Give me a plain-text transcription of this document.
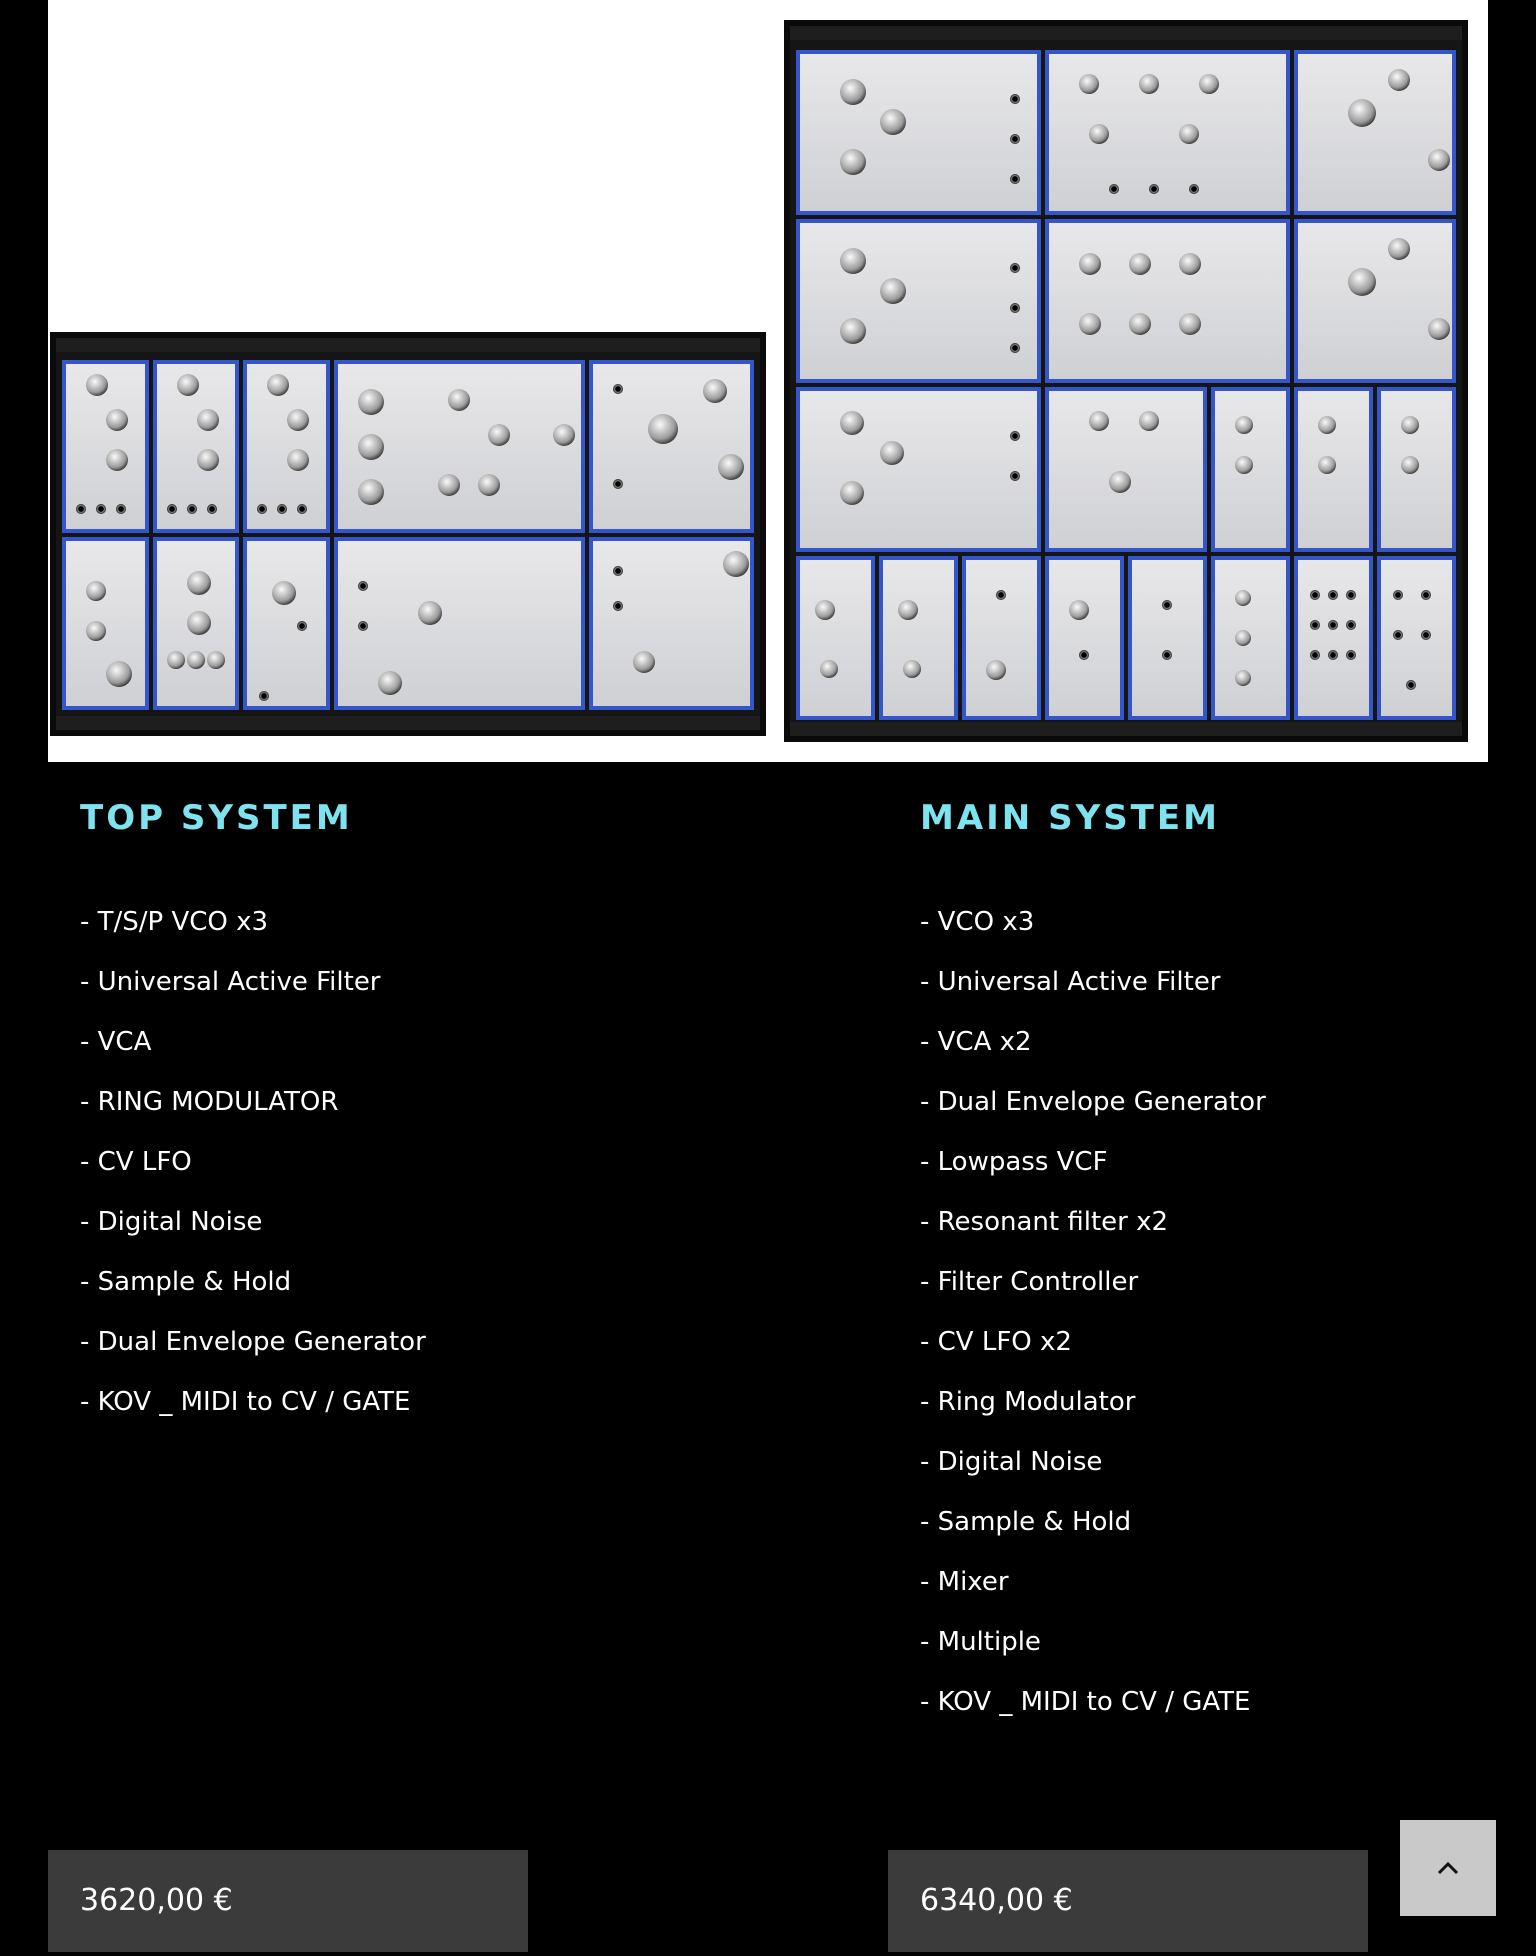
TOP SYSTEM
- T/S/P VCO x3
- Universal Active Filter
- VCA
- RING MODULATOR
- CV LFO
- Digital Noise
- Sample & Hold
- Dual Envelope Generator
- KOV _ MIDI to CV / GATE
3620,00 €
MAIN SYSTEM
- VCO x3
- Universal Active Filter
- VCA x2
- Dual Envelope Generator
- Lowpass VCF
- Resonant filter x2
- Filter Controller
- CV LFO x2
- Ring Modulator
- Digital Noise
- Sample & Hold
- Mixer
- Multiple
- KOV _ MIDI to CV / GATE
6340,00 €
